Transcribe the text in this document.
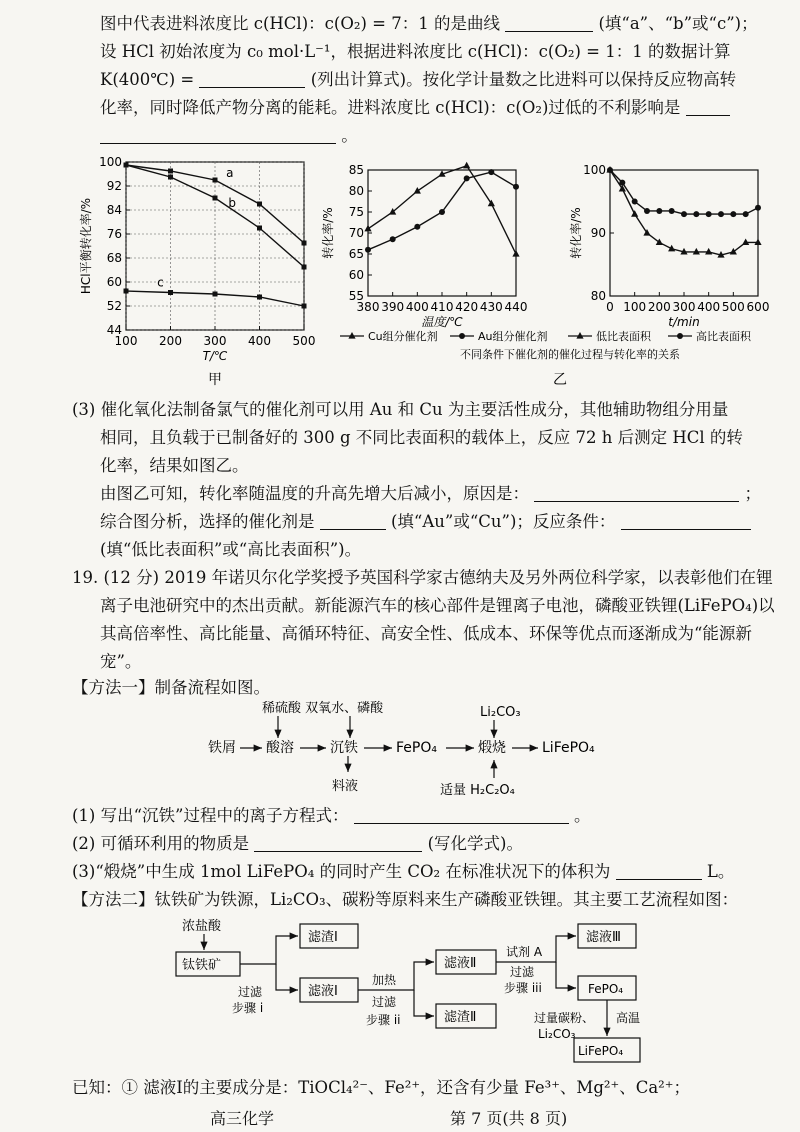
图中代表进料浓度比 c(HCl)：c(O₂) = 7：1 的是曲线	(填“a”、“b”或“c”)；
设 HCl 初始浓度为 c₀ mol·L⁻¹，根据进料浓度比 c(HCl)：c(O₂) = 1：1 的数据计算
K(400℃) =	(列出计算式)。按化学计量数之比进料可以保持反应物高转
化率，同时降低产物分离的能耗。进料浓度比 c(HCl)：c(O₂)过低的不利影响是
。
44
52
60
68
76
84
92
100
100 200 300 400 500
T/℃
HCl平衡转化率/%
a
b
c
甲
55
60
65
70
75
80
85
380 390 400 410 420 430 440
温度/℃
转化率/%
80
90
100
0 100 200 300 400 500 600
t/min
转化率/%
乙
Cu组分催化剂	Au组分催化剂	低比表面积	高比表面积
不同条件下催化剂的催化过程与转化率的关系
(3) 催化氧化法制备氯气的催化剂可以用 Au 和 Cu 为主要活性成分，其他辅助物组分用量
相同，且负载于已制备好的 300 g 不同比表面积的载体上，反应 72 h 后测定 HCl 的转
化率，结果如图乙。
由图乙可知，转化率随温度的升高先增大后减小，原因是：	；
综合图分析，选择的催化剂是	(填“Au”或“Cu”)；反应条件：
(填“低比表面积”或“高比表面积”)。
19. (12 分) 2019 年诺贝尔化学奖授予英国科学家古德纳夫及另外两位科学家，以表彰他们在锂
离子电池研究中的杰出贡献。新能源汽车的核心部件是锂离子电池，磷酸亚铁锂(LiFePO₄)以
其高倍率性、高比能量、高循环特征、高安全性、低成本、环保等优点而逐渐成为“能源新
宠”。
【方法一】制备流程如图。
稀硫酸 双氧水、磷酸	Li₂CO₃
铁屑 酸溶	沉铁	FePO₄	煅烧	LiFePO₄
料液	适量 H₂C₂O₄
(1) 写出“沉铁”过程中的离子方程式：	。
(2) 可循环利用的物质是	(写化学式)。
(3)“煅烧”中生成 1mol LiFePO₄ 的同时产生 CO₂ 在标准状况下的体积为	L。
【方法二】钛铁矿为铁源，Li₂CO₃、碳粉等原料来生产磷酸亚铁锂。其主要工艺流程如图：
浓盐酸
钛铁矿
滤渣Ⅰ
滤液Ⅰ
过滤
步骤 i
加热
过滤
步骤 ii
滤液Ⅱ
滤渣Ⅱ
试剂 A
过滤
步骤 iii
滤液Ⅲ
FePO₄
过量碳粉、
Li₂CO₃
高温
LiFePO₄
已知：① 滤液Ⅰ的主要成分是：TiOCl₄²⁻、Fe²⁺，还含有少量 Fe³⁺、Mg²⁺、Ca²⁺；
高三化学	第 7 页(共 8 页)
